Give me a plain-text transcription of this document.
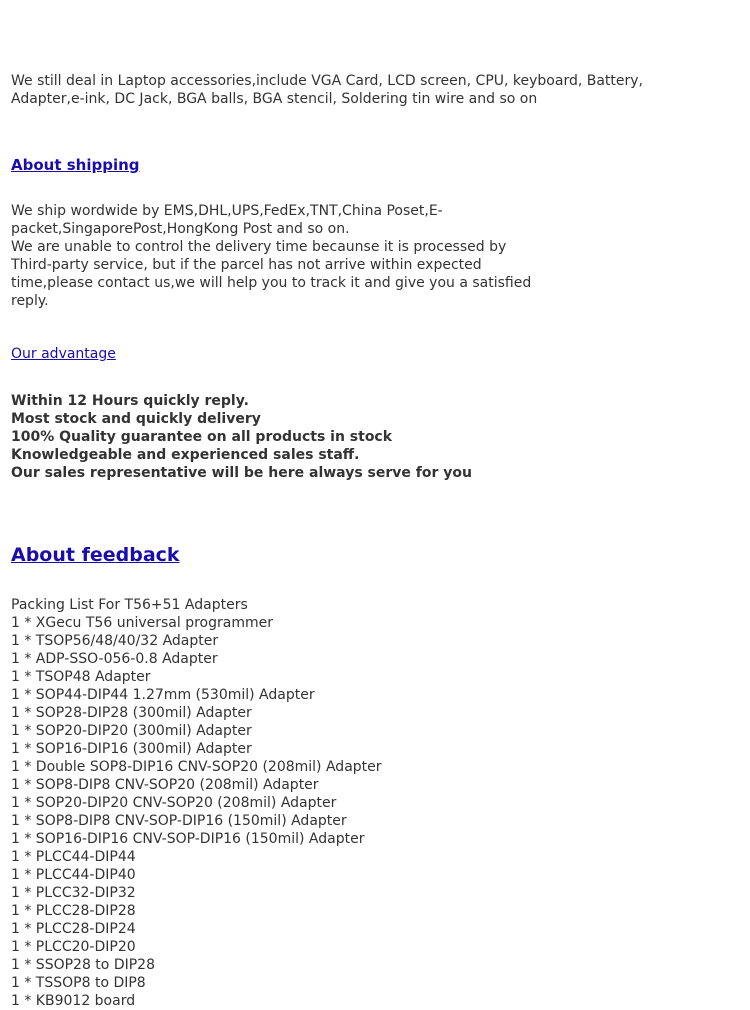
We still deal in Laptop accessories,include VGA Card, LCD screen, CPU, keyboard, Battery, Adapter,e-ink, DC Jack, BGA balls, BGA stencil, Soldering tin wire and so on
About shipping

We ship wordwide by EMS,DHL,UPS,FedEx,TNT,China Poset,E-packet,SingaporePost,HongKong Post and so on.

We are unable to control the delivery time becaunse it is processed by Third-party service, but if the parcel has not arrive within expected time,please contact us,we will help you to track it and give you a satisfied reply.

Our advantage
Within 12 Hours quickly reply.
Most stock and quickly delivery
100% Quality guarantee on all products in stock
Knowledgeable and experienced sales staff.
Our sales representative will be here always serve for you
About feedback
Packing List For T56+51 Adapters
1 * XGecu T56 universal programmer
1 * TSOP56/48/40/32 Adapter
1 * ADP-SSO-056-0.8 Adapter
1 * TSOP48 Adapter
1 * SOP44-DIP44 1.27mm (530mil) Adapter
1 * SOP28-DIP28 (300mil) Adapter
1 * SOP20-DIP20 (300mil) Adapter
1 * SOP16-DIP16 (300mil) Adapter
1 * Double SOP8-DIP16 CNV-SOP20 (208mil) Adapter
1 * SOP8-DIP8 CNV-SOP20 (208mil) Adapter
1 * SOP20-DIP20 CNV-SOP20 (208mil) Adapter
1 * SOP8-DIP8 CNV-SOP-DIP16 (150mil) Adapter
1 * SOP16-DIP16 CNV-SOP-DIP16 (150mil) Adapter
1 * PLCC44-DIP44
1 * PLCC44-DIP40
1 * PLCC32-DIP32
1 * PLCC28-DIP28
1 * PLCC28-DIP24
1 * PLCC20-DIP20
1 * SSOP28 to DIP28
1 * TSSOP8 to DIP8
1 * KB9012 board
